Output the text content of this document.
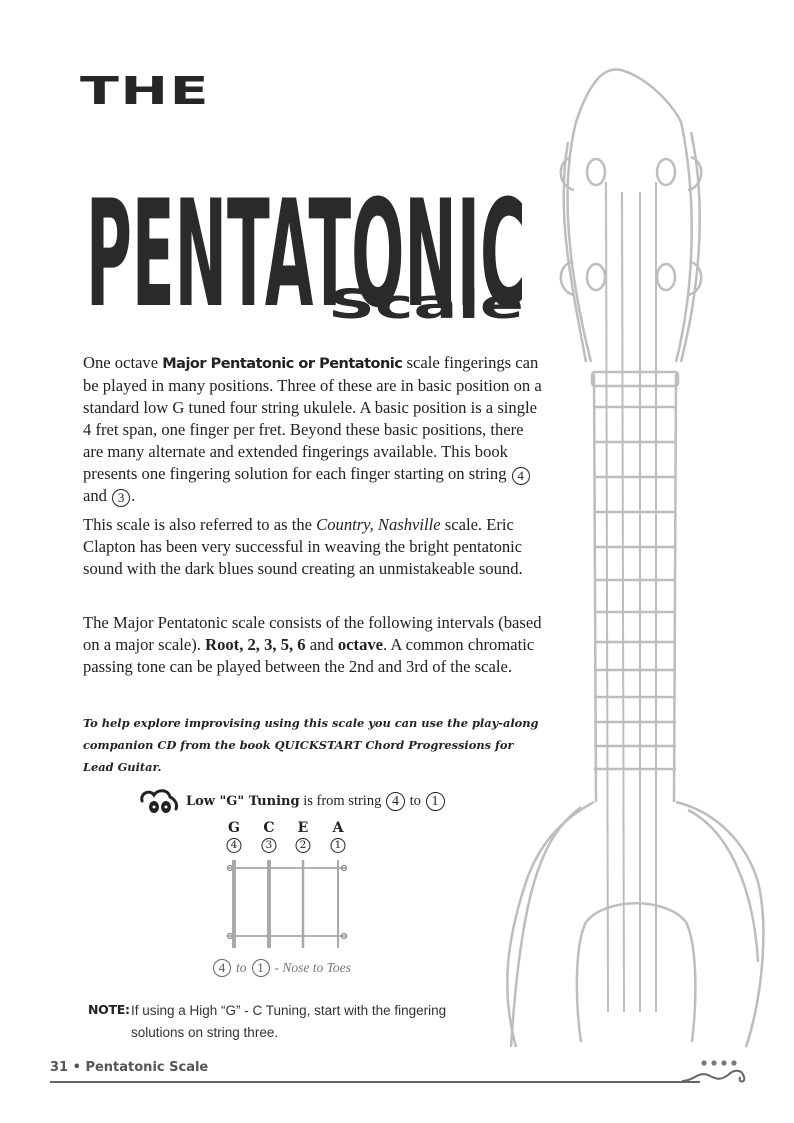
THE
PENTATONIC
Scale
One octave Major Pentatonic or Pentatonic scale fingerings can be played in many positions. Three of these are in basic position on a standard low G tuned four string ukulele. A basic position is a single 4 fret span, one finger per fret. Beyond these basic positions, there are many alternate and extended fingerings available. This book presents one fingering solution for each finger starting on string 4 and 3 .
This scale is also referred to as the Country, Nashville scale. Eric Clapton has been very successful in weaving the bright pentatonic sound with the dark blues sound creating an unmistakeable sound.
The Major Pentatonic scale consists of the following intervals (based on a major scale). Root, 2, 3, 5, 6 and octave. A common chromatic passing tone can be played between the 2nd and 3rd of the scale.
To help explore improvising using this scale you can use the play-along companion CD from the book QUICKSTART Chord Progressions for Lead Guitar.
Low "G" Tuning
is from string
4
to
1
G C E A
4	3	2	1
4 to 1 - Nose to Toes
NOTE: If using a High “G” - C Tuning, start with the fingering solutions on string three.
31 • Pentatonic Scale
